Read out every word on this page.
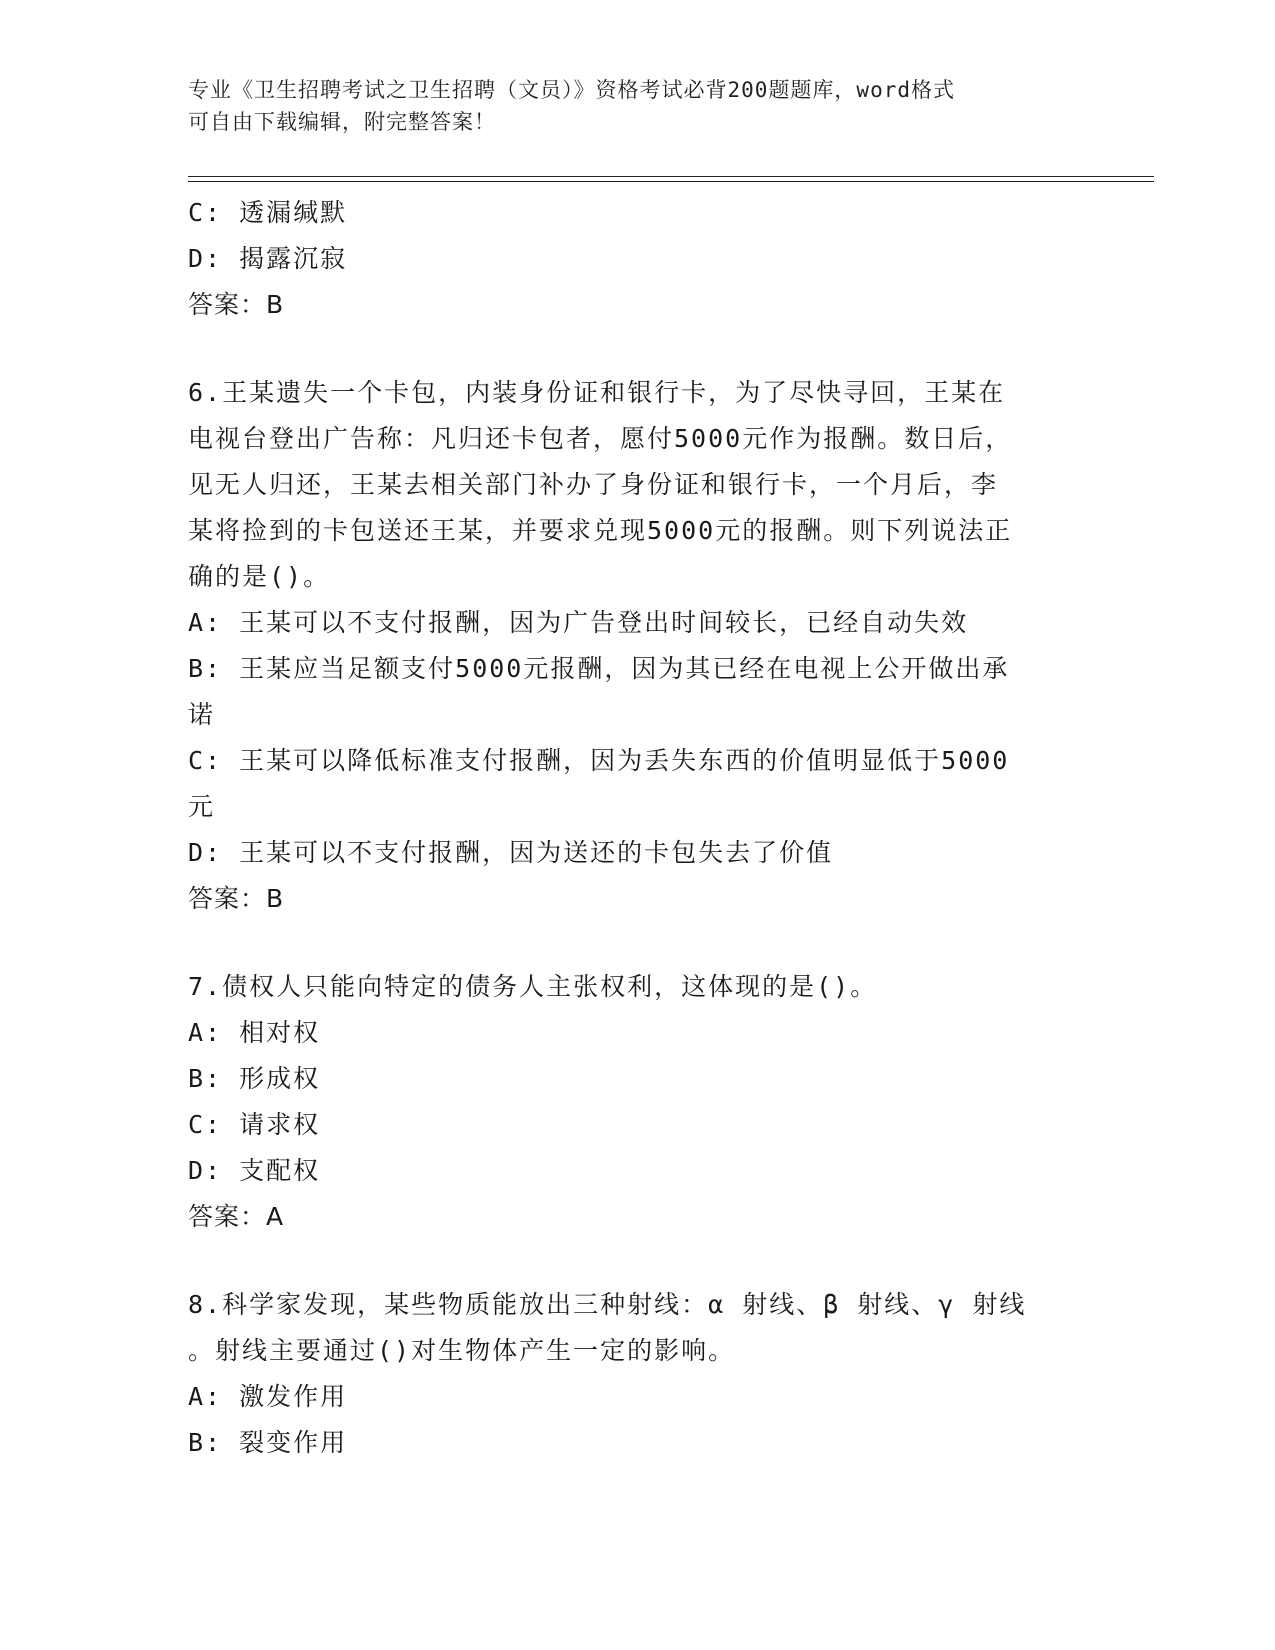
专业《卫生招聘考试之卫生招聘（文员）》资格考试必背200题题库，word格式
可自由下载编辑，附完整答案！
C: 透漏缄默
D: 揭露沉寂
答案：B
6.王某遗失一个卡包，内装身份证和银行卡，为了尽快寻回，王某在
电视台登出广告称：凡归还卡包者，愿付5000元作为报酬。数日后，
见无人归还，王某去相关部门补办了身份证和银行卡，一个月后，李
某将捡到的卡包送还王某，并要求兑现5000元的报酬。则下列说法正
确的是()。
A: 王某可以不支付报酬，因为广告登出时间较长，已经自动失效
B: 王某应当足额支付5000元报酬，因为其已经在电视上公开做出承
诺
C: 王某可以降低标准支付报酬，因为丢失东西的价值明显低于5000
元
D: 王某可以不支付报酬，因为送还的卡包失去了价值
答案：B
7.债权人只能向特定的债务人主张权利，这体现的是()。
A: 相对权
B: 形成权
C: 请求权
D: 支配权
答案：A
8.科学家发现，某些物质能放出三种射线：α 射线、β 射线、γ 射线
。射线主要通过()对生物体产生一定的影响。
A: 激发作用
B: 裂变作用
